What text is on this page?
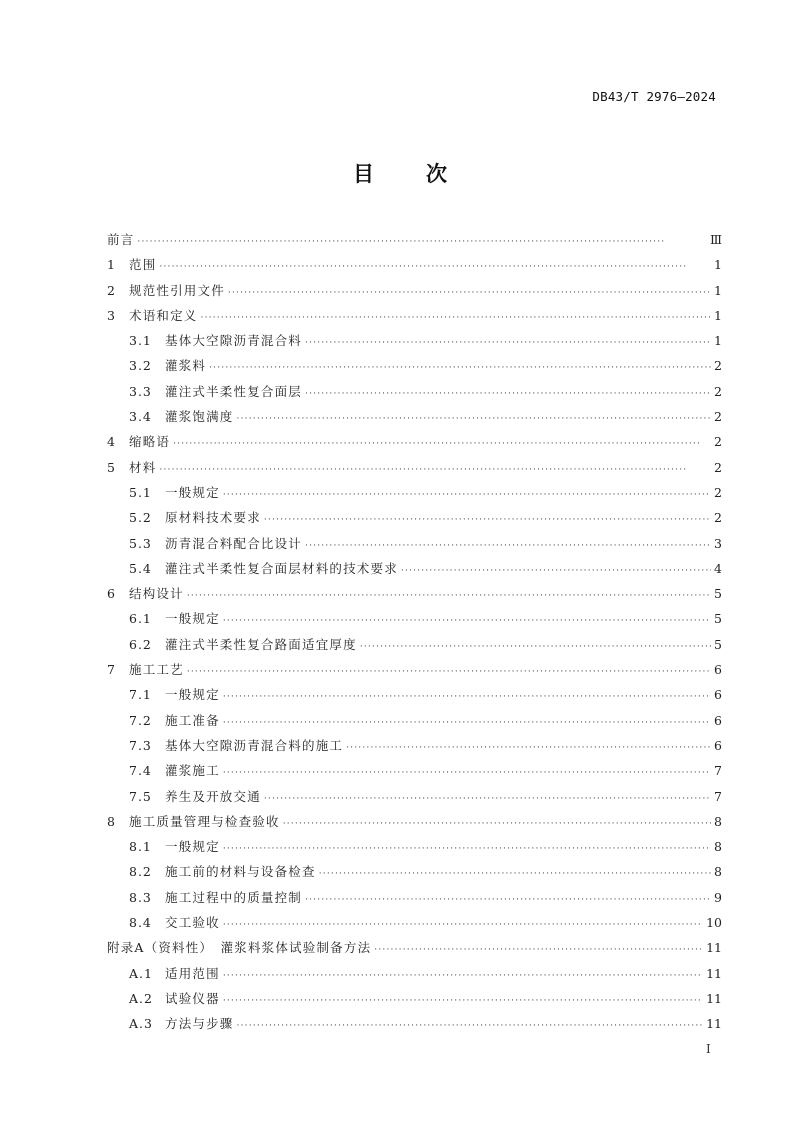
DB43/T 2976—2024
目 次
前言 ·····	Ⅲ
1	范围 ·····	1
2	规范性引用文件 ·····	1
3	术语和定义 ·····	1
3.1	基体大空隙沥青混合料 ·····	1
3.2	灌浆料 ·····	2
3.3	灌注式半柔性复合面层 ·····	2
3.4	灌浆饱满度 ·····	2
4	缩略语 ·····	2
5	材料 ·····	2
5.1	一般规定 ·····	2
5.2	原材料技术要求 ·····	2
5.3	沥青混合料配合比设计 ·····	3
5.4	灌注式半柔性复合面层材料的技术要求 ·····	4
6	结构设计 ·····	5
6.1	一般规定 ·····	5
6.2	灌注式半柔性复合路面适宜厚度 ·····	5
7	施工工艺 ·····	6
7.1	一般规定 ·····	6
7.2	施工准备 ·····	6
7.3	基体大空隙沥青混合料的施工 ·····	6
7.4	灌浆施工 ·····	7
7.5	养生及开放交通 ·····	7
8	施工质量管理与检查验收 ·····	8
8.1	一般规定 ·····	8
8.2	施工前的材料与设备检查 ·····	8
8.3	施工过程中的质量控制 ·····	9
8.4	交工验收 ·····	10
附录A（资料性）　灌浆料浆体试验制备方法 ·····	11
A.1 适用范围 ·····	11
A.2 试验仪器 ·····	11
A.3 方法与步骤 ·····	11
I
